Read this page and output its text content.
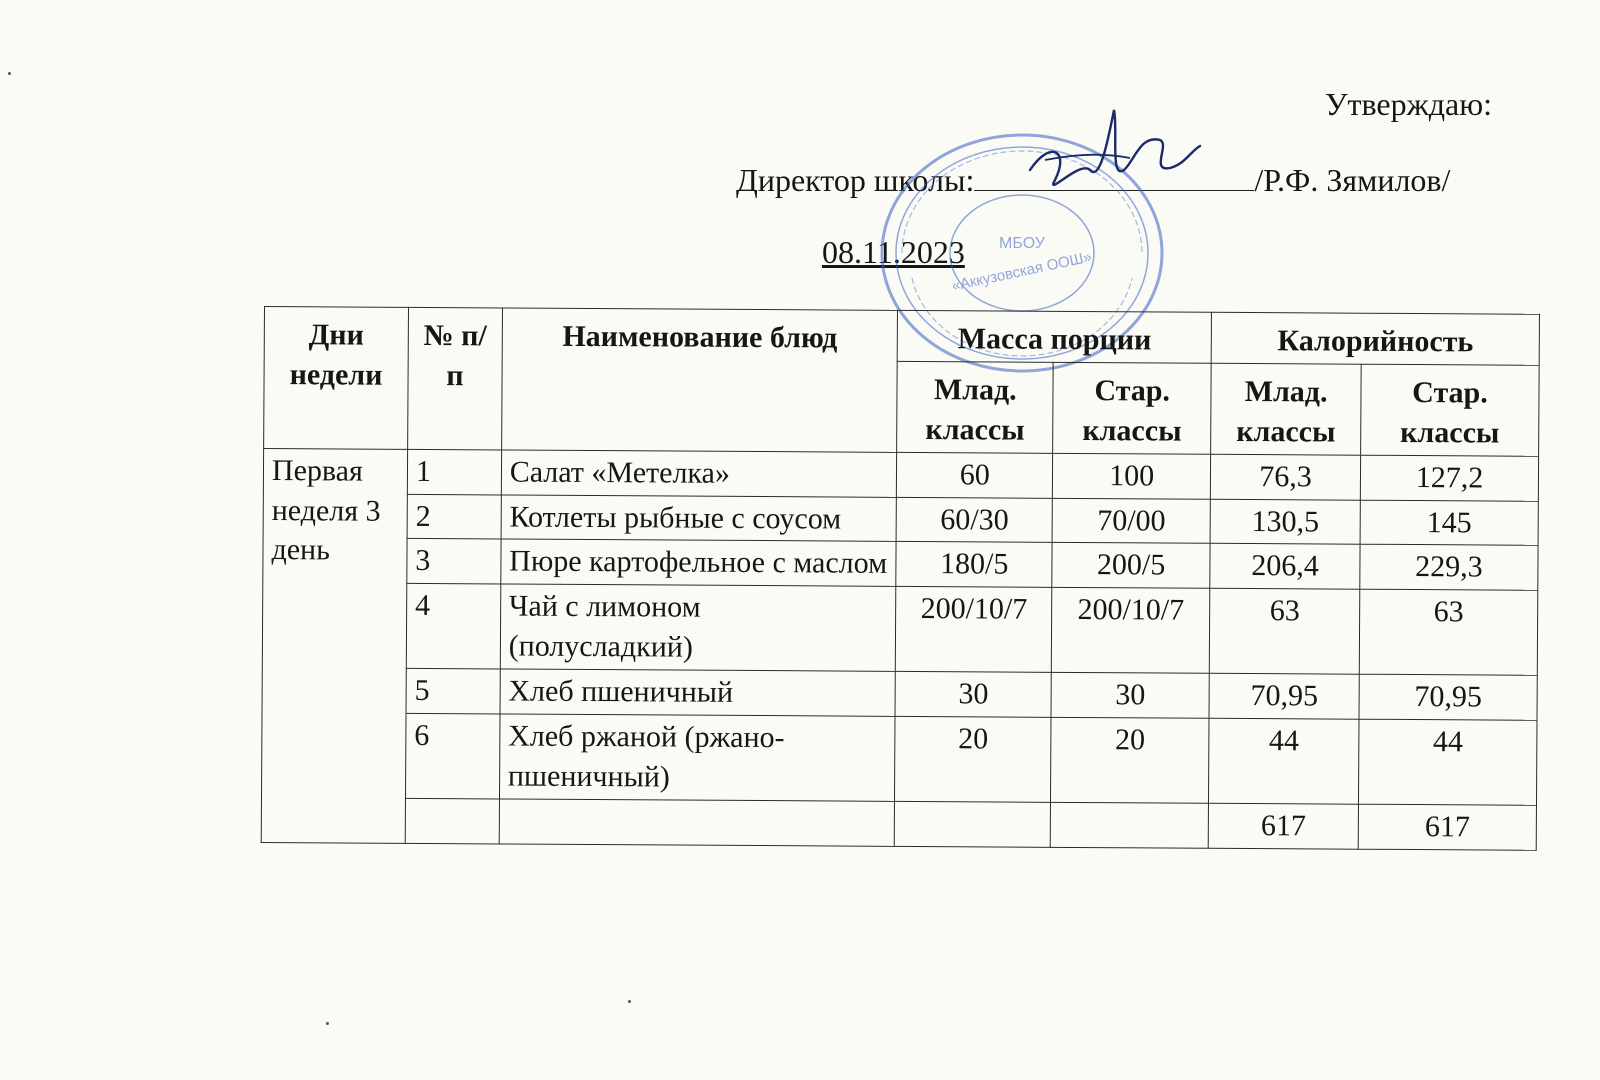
Утверждаю:
Директор школы:	/Р.Ф. Зямилов/
08.11.2023 МБОУ
«Аккузовская ООШ»
Дни недели	№ п/п	Наименование блюд	Масса порции		Калорийность	
			Млад. классы	Стар. классы	Млад. классы	Стар. классы
Первая неделя 3 день	1	Салат «Метелка»	60	100	76,3	127,2
	2	Котлеты рыбные с соусом	60/30	70/00	130,5	145
	3	Пюре картофельное с маслом	180/5	200/5	206,4	229,3
	4	Чай с лимоном (полусладкий)	200/10/7	200/10/7	63	63
	5	Хлеб пшеничный	30	30	70,95	70,95
	6	Хлеб ржаной (ржано-пшеничный)	20	20	44	44
					617	617
